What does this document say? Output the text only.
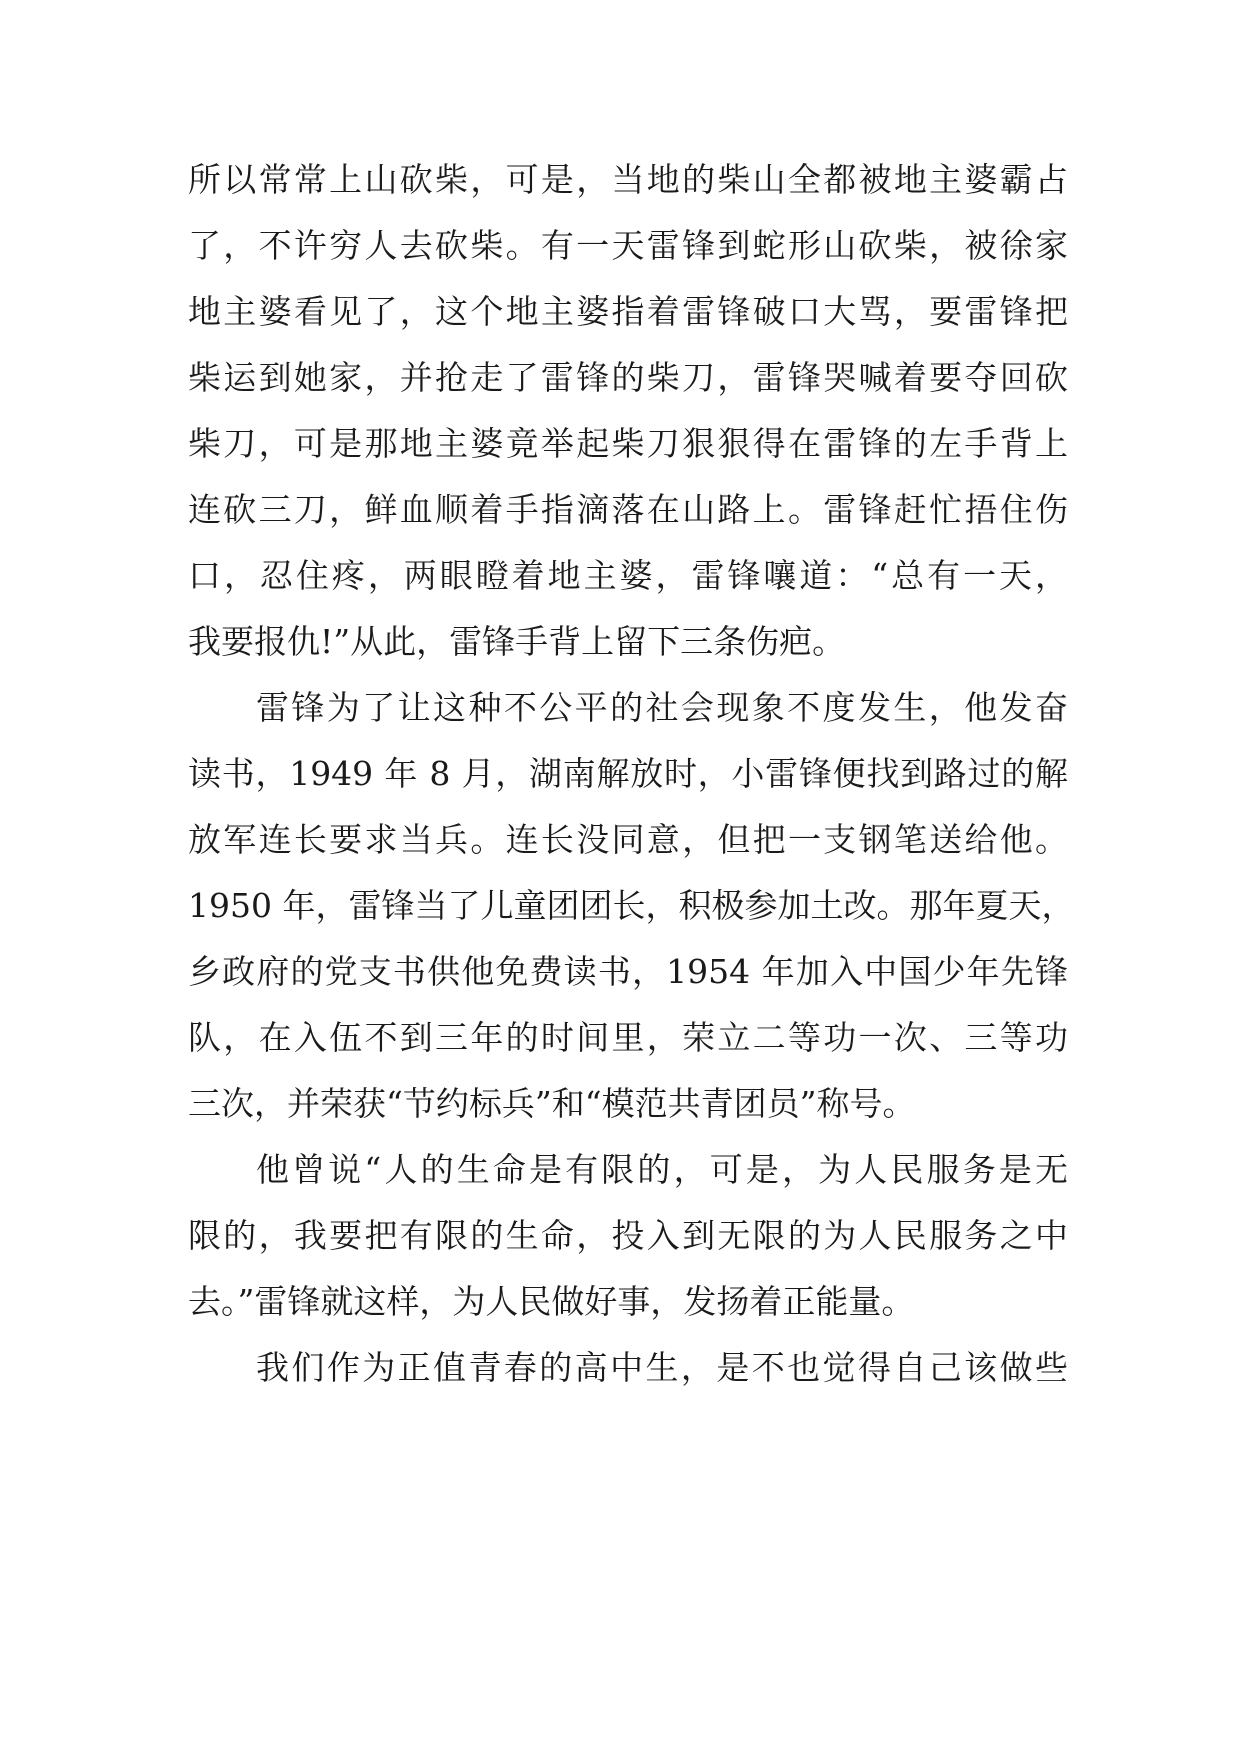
所以常常上山砍柴，可是，当地的柴山全都被地主婆霸占
了，不许穷人去砍柴。有一天雷锋到蛇形山砍柴，被徐家
地主婆看见了，这个地主婆指着雷锋破口大骂，要雷锋把
柴运到她家，并抢走了雷锋的柴刀，雷锋哭喊着要夺回砍
柴刀，可是那地主婆竟举起柴刀狠狠得在雷锋的左手背上
连砍三刀，鲜血顺着手指滴落在山路上。雷锋赶忙捂住伤
口，忍住疼，两眼瞪着地主婆，雷锋嚷道：“总有一天，
我要报仇!”从此，雷锋手背上留下三条伤疤。
雷锋为了让这种不公平的社会现象不度发生，他发奋
读书，1949 年 8 月，湖南解放时，小雷锋便找到路过的解
放军连长要求当兵。连长没同意，但把一支钢笔送给他。
1950 年，雷锋当了儿童团团长，积极参加土改。那年夏天，
乡政府的党支书供他免费读书，1954 年加入中国少年先锋
队，在入伍不到三年的时间里，荣立二等功一次、三等功
三次，并荣获“节约标兵”和“模范共青团员”称号。
他曾说“人的生命是有限的，可是，为人民服务是无
限的，我要把有限的生命，投入到无限的为人民服务之中
去。”雷锋就这样，为人民做好事，发扬着正能量。
我们作为正值青春的高中生，是不也觉得自己该做些
